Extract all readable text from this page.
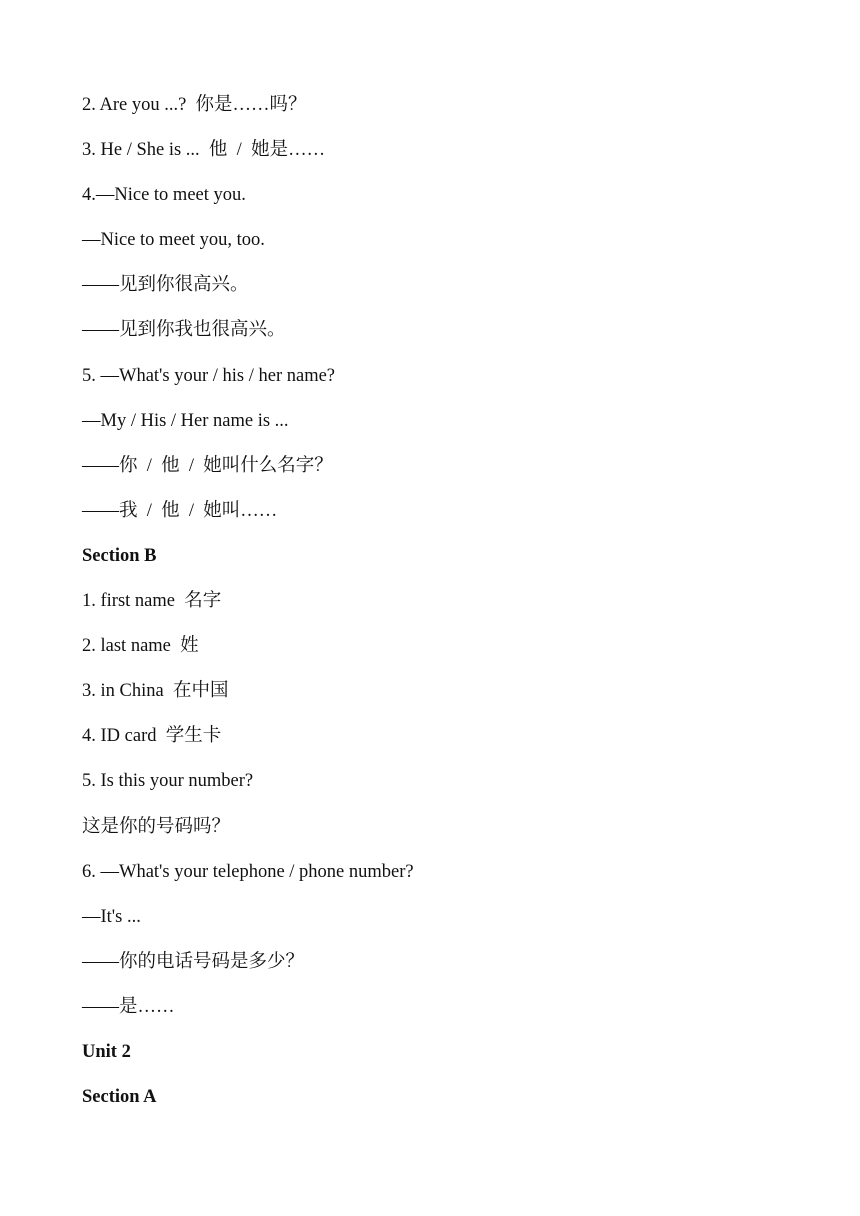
2. Are you ...?  你是……吗？

3. He / She is ...  他  /  她是……

4.—Nice to meet you.

—Nice to meet you, too.

——见到你很高兴。

——见到你我也很高兴。

5. —What's your / his / her name?

—My / His / Her name is ...

——你  /  他  /  她叫什么名字？

——我  /  他  /  她叫……

Section B

1. first name  名字

2. last name  姓

3. in China  在中国

4. ID card  学生卡

5. Is this your number?

这是你的号码吗？

6. —What's your telephone / phone number?

—It's ...

——你的电话号码是多少？

——是……

Unit 2

Section A
